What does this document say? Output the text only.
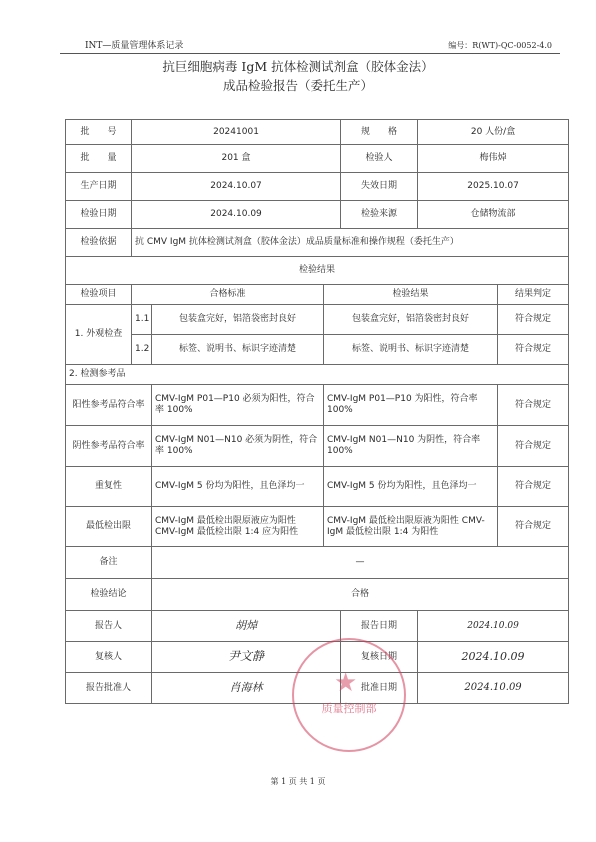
INT—质量管理体系记录	编号：R(WT)-QC-0052-4.0
抗巨细胞病毒 IgM 抗体检测试剂盒（胶体金法）
成品检验报告（委托生产）
批　　号	20241001			规　　格	20 人份/盒	
批　　量	201 盒			检验人	梅伟焯	
生产日期	2024.10.07			失效日期	2025.10.07	
检验日期	2024.10.09			检验来源	仓储物流部	
检验依据	抗 CMV IgM 抗体检测试剂盒（胶体金法）成品质量标准和操作规程（委托生产）					
检验结果						
检验项目	合格标准		检验结果			结果判定
1. 外观检查	1.1	包装盒完好，铝箔袋密封良好	包装盒完好，铝箔袋密封良好			符合规定
	1.2	标签、说明书、标识字迹清楚	标签、说明书、标识字迹清楚			符合规定
2. 检测参考品						
阳性参考品符合率		CMV-IgM P01—P10 必须为阳性，符合率 100%	CMV-IgM P01—P10 为阳性，符合率 100%			符合规定
阴性参考品符合率		CMV-IgM N01—N10 必须为阴性，符合率 100%	CMV-IgM N01—N10 为阴性，符合率 100%			符合规定
重复性		CMV-IgM 5 份均为阳性，且色泽均一	CMV-IgM 5 份均为阳性，且色泽均一			符合规定
最低检出限		CMV-IgM 最低检出限原液应为阳性 CMV-IgM 最低检出限 1:4 应为阳性	CMV-IgM 最低检出限原液为阳性 CMV-IgM 最低检出限 1:4 为阳性			符合规定
备注		—				
检验结论		合格				
报告人		胡焯		报告日期	2024.10.09	
复核人		尹文静		复核日期	2024.10.09	
报告批准人		肖海林		批准日期	2024.10.09	
★
质量控制部
第 1 页 共 1 页
